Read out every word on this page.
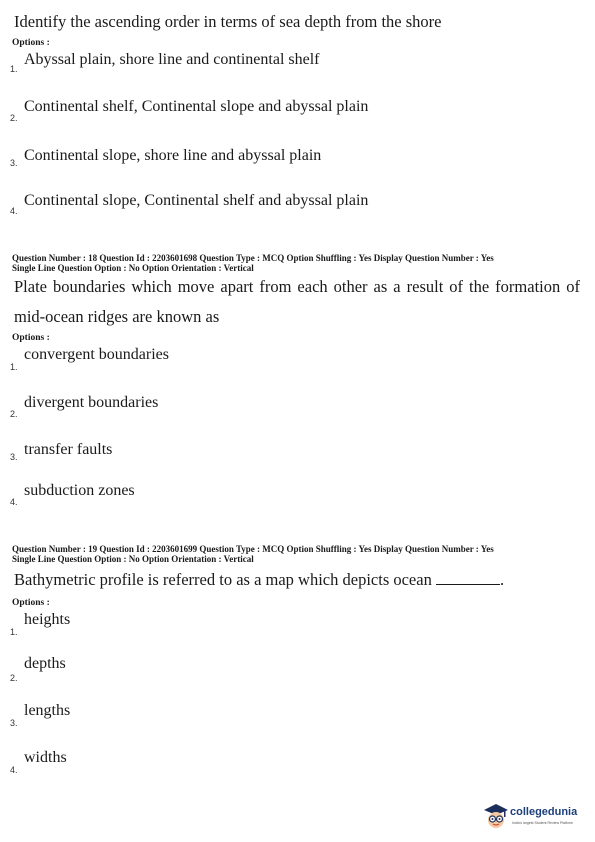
Identify the ascending order in terms of sea depth from the shore
Options :
1.
Abyssal plain, shore line and continental shelf
2.
Continental shelf, Continental slope and abyssal plain
3. Continental slope, shore line and abyssal plain
4.
Continental slope, Continental shelf and abyssal plain
Question Number : 18 Question Id : 2203601698 Question Type : MCQ Option Shuffling : Yes Display Question Number : Yes
Single Line Question Option : No Option Orientation : Vertical
Plate boundaries which move apart from each other as a result of the formation of mid-ocean ridges are known as
Options :
1.
convergent boundaries
2.
divergent boundaries
3. transfer faults
4.
subduction zones
Question Number : 19 Question Id : 2203601699 Question Type : MCQ Option Shuffling : Yes Display Question Number : Yes
Single Line Question Option : No Option Orientation : Vertical
Bathymetric profile is referred to as a map which depicts ocean	.
Options :
1.
heights
2.
depths
3.
lengths
4.
widths
collegedunia
India's largest Student Review Platform
